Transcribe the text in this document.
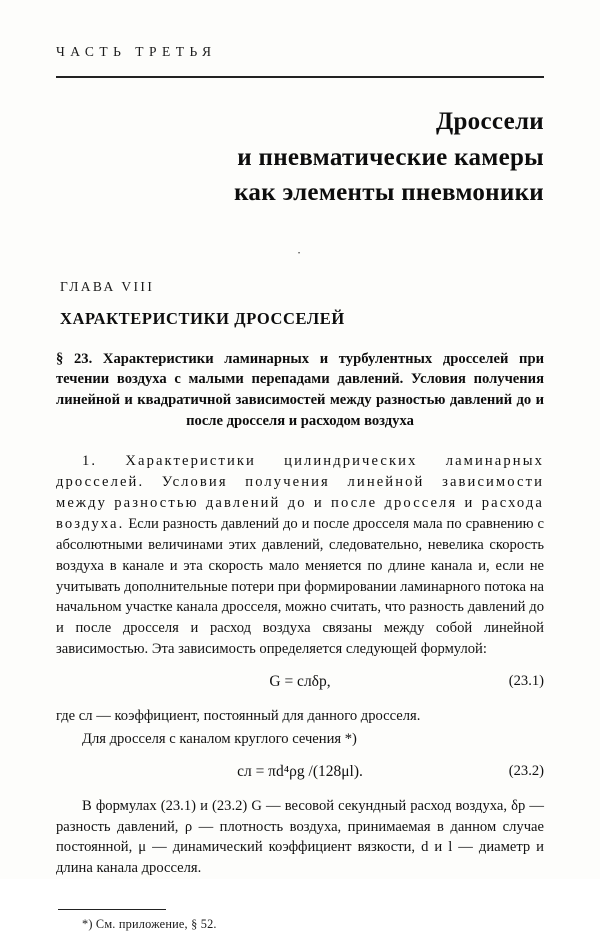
ЧАСТЬ ТРЕТЬЯ
Дроссели
и пневматические камеры
как элементы пневмоники
·
ГЛАВА VIII
ХАРАКТЕРИСТИКИ ДРОССЕЛЕЙ
§ 23. Характеристики ламинарных и турбулентных дросселей при течении воздуха с малыми перепадами давлений. Условия получения линейной и квадратичной зависимостей между разностью давлений до и после дросселя и расходом воздуха

1. Характеристики цилиндрических ламинарных дросселей. Условия получения линейной зависимости между разностью давлений до и после дросселя и расхода воздуха. Если разность давлений до и после дросселя мала по сравнению с абсолютными величинами этих давлений, следовательно, невелика скорость воздуха в канале и эта скорость мало меняется по длине канала и, если не учитывать дополнительные потери при формировании ламинарного потока на начальном участке канала дросселя, можно считать, что разность давлений до и после дросселя и расход воздуха связаны между собой линейной зависимостью. Эта зависимость определяется следующей формулой:

G = cлδp,	(23.1)

где cл — коэффициент, постоянный для данного дросселя.

Для дросселя с каналом круглого сечения *)

cл = πd⁴ρg /(128μl).	(23.2)

В формулах (23.1) и (23.2) G — весовой секундный расход воздуха, δp — разность давлений, ρ — плотность воздуха, принимаемая в данном случае постоянной, μ — динамический коэффициент вязкости, d и l — диаметр и длина канала дросселя.

*) См. приложение, § 52.
